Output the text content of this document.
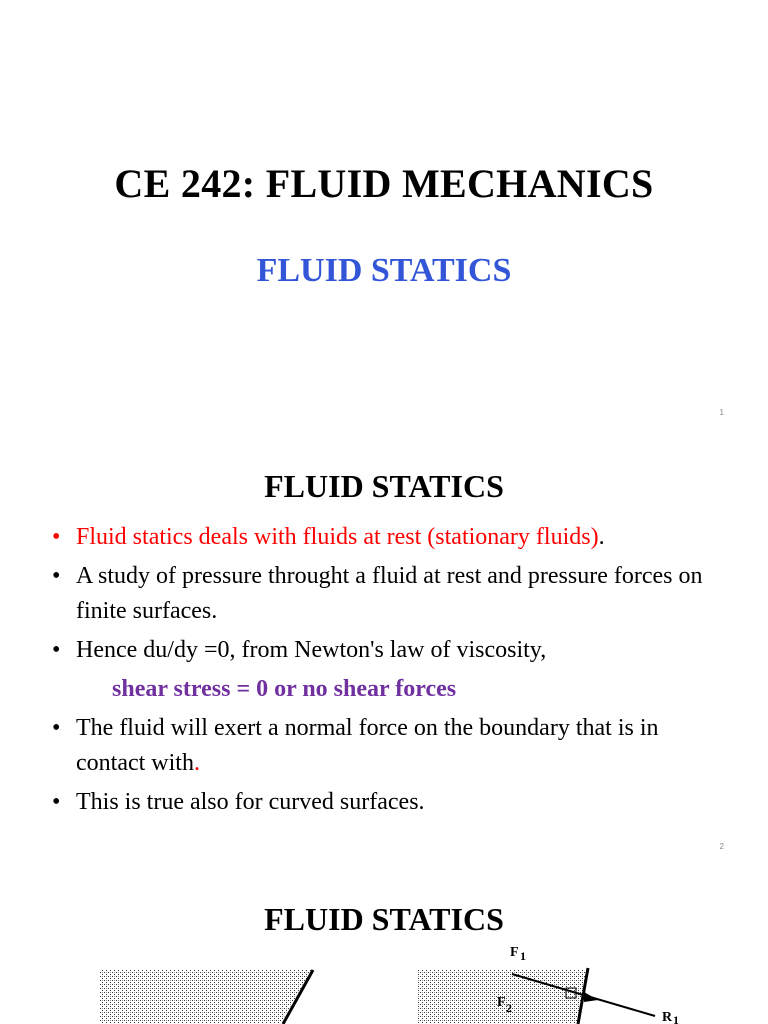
CE 242: FLUID MECHANICS
FLUID STATICS
1
FLUID STATICS
• Fluid statics deals with fluids at rest (stationary fluids).
• A study of pressure throught a fluid at rest and pressure forces on finite surfaces.
• Hence du/dy =0, from Newton's law of viscosity,
shear stress = 0 or no shear forces
• The fluid will exert a normal force on the boundary that is in contact with.
• This is true also for curved surfaces.
2
FLUID STATICS
F 1
F 2
R 1
